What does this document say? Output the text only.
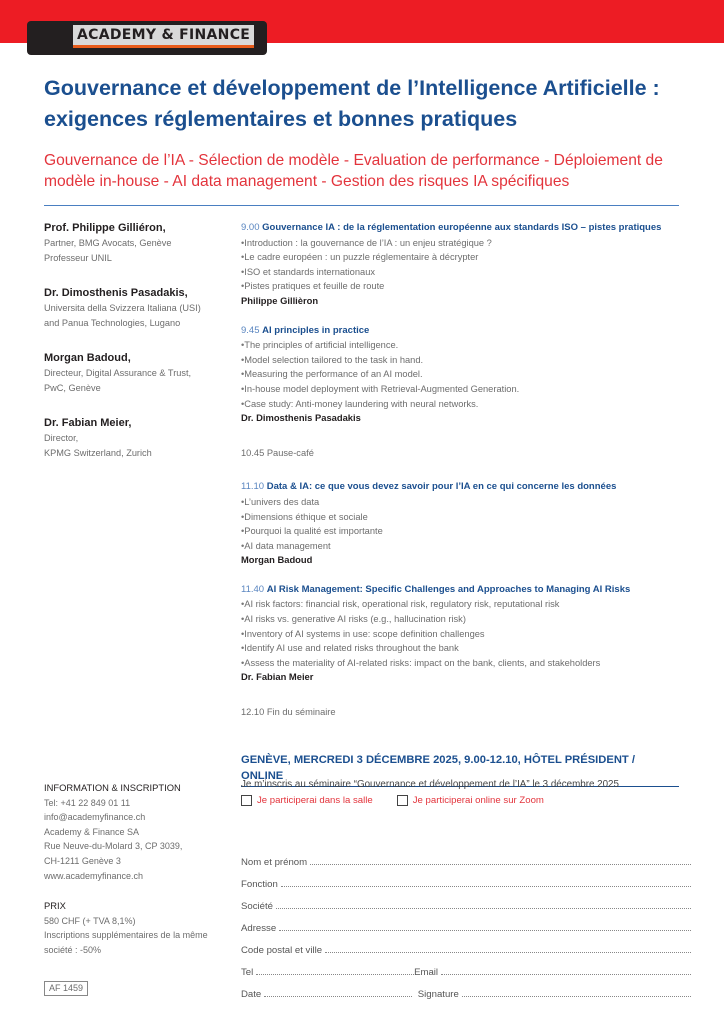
ACADEMY & FINANCE
Gouvernance et développement de l’Intelligence Artificielle : exigences réglementaires et bonnes pratiques
Gouvernance de l’IA - Sélection de modèle - Evaluation de performance - Déploiement de modèle in-house - AI data management - Gestion des risques IA spécifiques
Prof. Philippe Gilliéron,
Partner, BMG Avocats, Genève
Professeur UNIL
Dr. Dimosthenis Pasadakis,
Universita della Svizzera Italiana (USI)
and Panua Technologies, Lugano
Morgan Badoud,
Directeur, Digital Assurance & Trust,
PwC, Genève
Dr. Fabian Meier,
Director,
KPMG Switzerland, Zurich
9.00 Gouvernance IA : de la réglementation européenne aux standards ISO – pistes pratiques
• Introduction : la gouvernance de l’IA : un enjeu stratégique ?
• Le cadre européen : un puzzle réglementaire à décrypter
• ISO et standards internationaux
• Pistes pratiques et feuille de route
Philippe Gillièron
9.45 AI principles in practice
• The principles of artificial intelligence.
• Model selection tailored to the task in hand.
• Measuring the performance of an AI model.
• In-house model deployment with Retrieval-Augmented Generation.
• Case study: Anti-money laundering with neural networks.
Dr. Dimosthenis Pasadakis
10.45 Pause-café
11.10 Data & IA: ce que vous devez savoir pour l’IA en ce qui concerne les données
• L’univers des data
• Dimensions éthique et sociale
• Pourquoi la qualité est importante
• AI data management
Morgan Badoud
11.40 AI Risk Management: Specific Challenges and Approaches to Managing AI Risks
• AI risk factors: financial risk, operational risk, regulatory risk, reputational risk
• AI risks vs. generative AI risks (e.g., hallucination risk)
• Inventory of AI systems in use: scope definition challenges
• Identify AI use and related risks throughout the bank
• Assess the materiality of AI-related risks: impact on the bank, clients, and stakeholders
Dr. Fabian Meier
12.10 Fin du séminaire
GENÈVE, MERCREDI 3 DÉCEMBRE 2025, 9.00-12.10, HÔTEL PRÉSIDENT / ONLINE
INFORMATION & INSCRIPTION
Tel: +41 22 849 01 11
info@academyfinance.ch
Academy & Finance SA
Rue Neuve-du-Molard 3, CP 3039,
CH-1211 Genève 3
www.academyfinance.ch
PRIX
580 CHF (+ TVA 8,1%)
Inscriptions supplémentaires de la même
société : -50%
AF 1459
Je m’inscris au séminaire “Gouvernance et développement de l’IA” le 3 décembre 2025
Je participerai dans la salle	Je participerai online sur Zoom
Nom et prénom
Fonction
Société
Adresse
Code postal et ville
Tel	Email
Date	Signature
